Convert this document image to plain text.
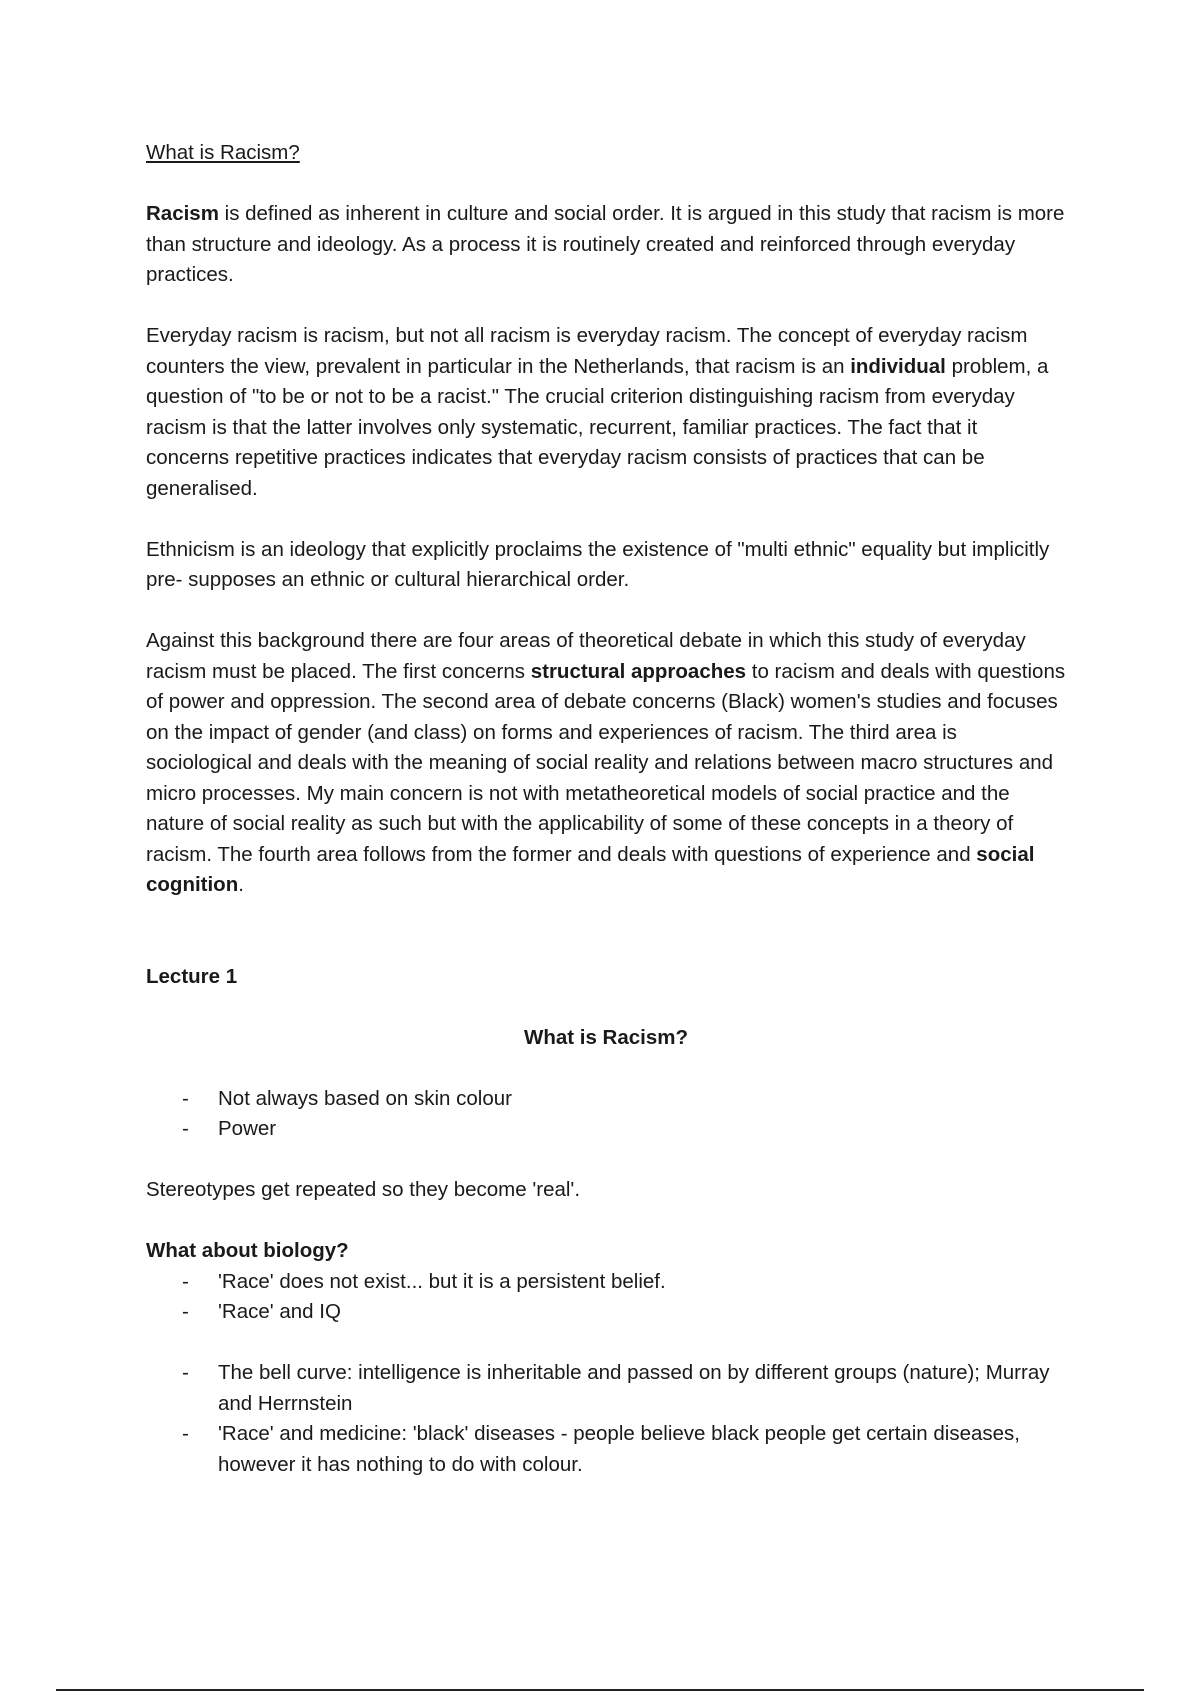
What is Racism?

Racism is defined as inherent in culture and social order. It is argued in this study that racism is more than structure and ideology. As a process it is routinely created and reinforced through everyday practices.

Everyday racism is racism, but not all racism is everyday racism. The concept of everyday racism counters the view, prevalent in particular in the Netherlands, that racism is an individual problem, a question of "to be or not to be a racist." The crucial criterion distinguishing racism from everyday racism is that the latter involves only systematic, recurrent, familiar practices. The fact that it concerns repetitive practices indicates that everyday racism consists of practices that can be generalised.

Ethnicism is an ideology that explicitly proclaims the existence of "multi ethnic" equality but implicitly pre- supposes an ethnic or cultural hierarchical order.

Against this background there are four areas of theoretical debate in which this study of everyday racism must be placed. The first concerns structural approaches to racism and deals with questions of power and oppression. The second area of debate concerns (Black) women's studies and focuses on the impact of gender (and class) on forms and experiences of racism. The third area is sociological and deals with the meaning of social reality and relations between macro structures and micro processes. My main concern is not with metatheoretical models of social practice and the nature of social reality as such but with the applicability of some of these concepts in a theory of racism. The fourth area follows from the former and deals with questions of experience and social cognition.

Lecture 1
What is Racism?
- Not always based on skin colour
- Power

Stereotypes get repeated so they become 'real'.

What about biology?
- 'Race' does not exist... but it is a persistent belief.
- 'Race' and IQ
- The bell curve: intelligence is inheritable and passed on by different groups (nature); Murray and Herrnstein
- 'Race' and medicine: 'black' diseases - people believe black people get certain diseases, however it has nothing to do with colour.
